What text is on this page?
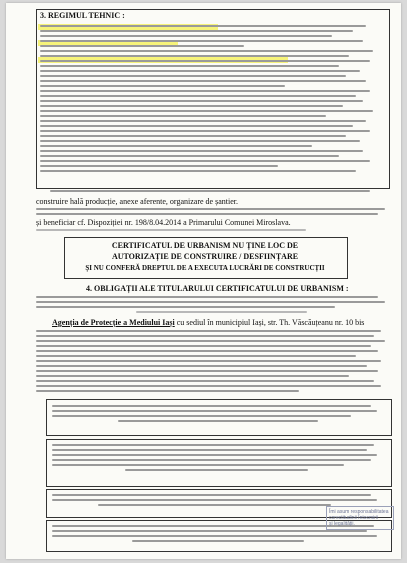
3. REGIMUL TEHNIC :
construire hală producție, anexe aferente, organizare de șantier.
și beneficiar cf. Dispoziției nr. 198/8.04.2014 a Primarului Comunei Miroslava.
CERTIFICATUL DE URBANISM NU ȚINE LOC DE
AUTORIZAȚIE DE CONSTRUIRE / DESFIINȚARE
ȘI NU CONFERĂ DREPTUL DE A EXECUTA LUCRĂRI DE CONSTRUCȚII
4. OBLIGAȚII ALE TITULARULUI CERTIFICATULUI DE URBANISM :
Agenția de Protecție a Mediului Iași cu sediul în municipiul Iași, str. Th. Văscăuțeanu nr. 10 bis
Îmi asum responsabilitatea
corectitudinii Întocmirii
și legalității.
